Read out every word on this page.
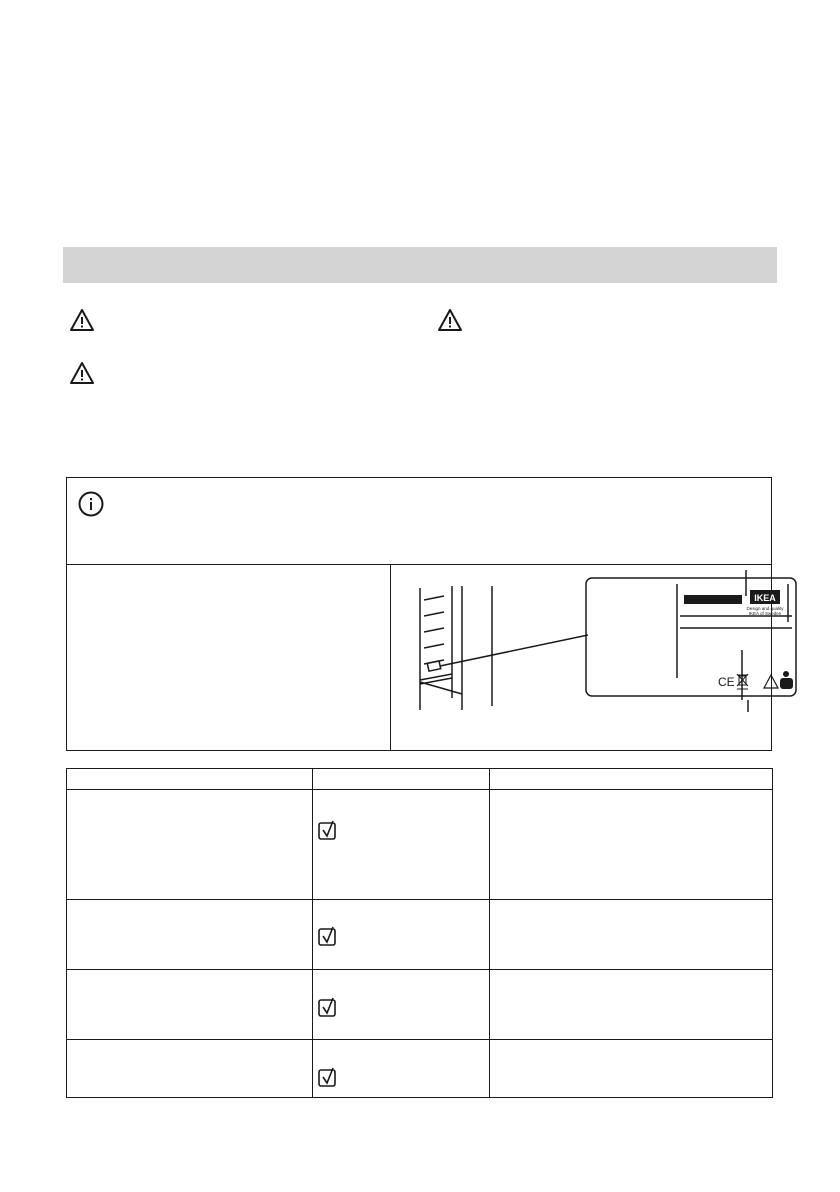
IKEA
Design and quality
IKEA of Sweden
CE
